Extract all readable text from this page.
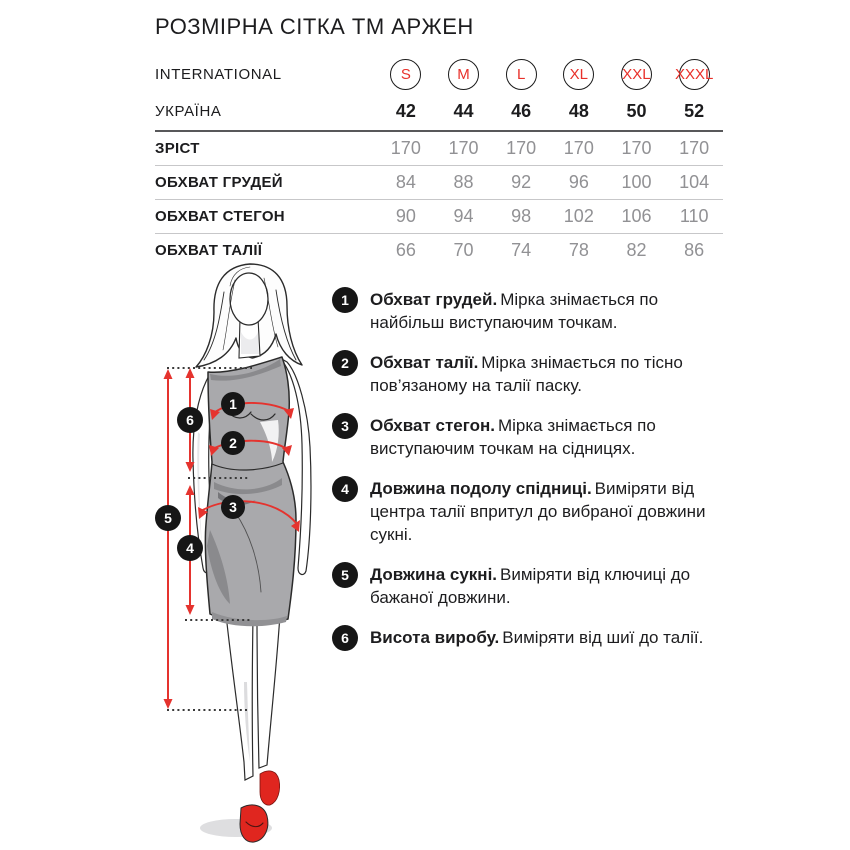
РОЗМІРНА СІТКА ТМ АРЖЕН
INTERNATIONAL	S	M	L	XL XXL XXXL
УКРАЇНА	42 44 46 48 50 52
ЗРІСТ	170 170 170 170 170 170
ОБХВАТ ГРУДЕЙ	84 88 92 96 100 104
ОБХВАТ СТЕГОН	90 94 98 102 106 110
ОБХВАТ ТАЛІЇ	66 70 74 78 82 86
1
2
3
4
5
6
1	Обхват грудей. Мірка знімається по найбільш виступаючим точкам.

2	Обхват талії. Мірка знімається по тісно пов’язаному на талії паску.

3	Обхват стегон. Мірка знімається по виступаючим точкам на сідницях.

4	Довжина подолу спідниці. Виміряти від центра талії впритул до вибраної довжини сукні.

5	Довжина сукні. Виміряти від ключиці до бажаної довжини.

6	Висота виробу. Виміряти від шиї до талії.
